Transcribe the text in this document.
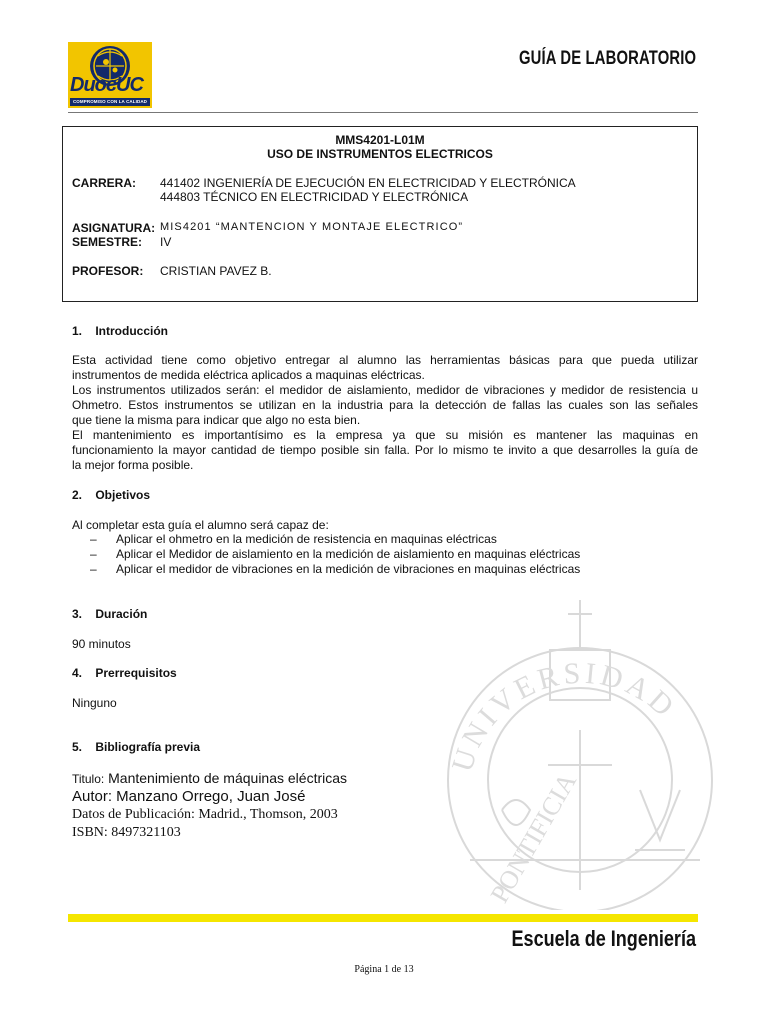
DuocUC
COMPROMISO CON LA CALIDAD
GUÍA DE LABORATORIO
MMS4201-L01M
USO DE INSTRUMENTOS ELECTRICOS
CARRERA: 441402 INGENIERÍA DE EJECUCIÓN EN ELECTRICIDAD Y ELECTRÓNICA
444803 TÉCNICO EN ELECTRICIDAD Y ELECTRÓNICA
ASIGNATURA: MIS4201 “MANTENCION Y MONTAJE ELECTRICO”
SEMESTRE: IV
PROFESOR: CRISTIAN PAVEZ B.
UNIVERSIDAD
PONTIFICIA
1. Introducción
Esta actividad tiene como objetivo entregar al alumno las herramientas básicas para que pueda utilizar
instrumentos de medida eléctrica aplicados a maquinas eléctricas.
Los instrumentos utilizados serán: el medidor de aislamiento, medidor de vibraciones y medidor de resistencia u
Ohmetro. Estos instrumentos se utilizan en la industria para la detección de fallas las cuales son las señales
que tiene la misma para indicar que algo no esta bien.
El mantenimiento es importantísimo es la empresa ya que su misión es mantener las maquinas en
funcionamiento la mayor cantidad de tiempo posible sin falla. Por lo mismo te invito a que desarrolles la guía de
la mejor forma posible.
2. Objetivos
Al completar esta guía el alumno será capaz de:
– Aplicar el ohmetro en la medición de resistencia en maquinas eléctricas
– Aplicar el Medidor de aislamiento en la medición de aislamiento en maquinas eléctricas
– Aplicar el medidor de vibraciones en la medición de vibraciones en maquinas eléctricas
3. Duración
90 minutos
4. Prerrequisitos
Ninguno
5. Bibliografía previa
Titulo: Mantenimiento de máquinas eléctricas
Autor: Manzano Orrego, Juan José
Datos de Publicación: Madrid., Thomson, 2003
ISBN: 8497321103
Escuela de Ingeniería
Página 1 de 13
